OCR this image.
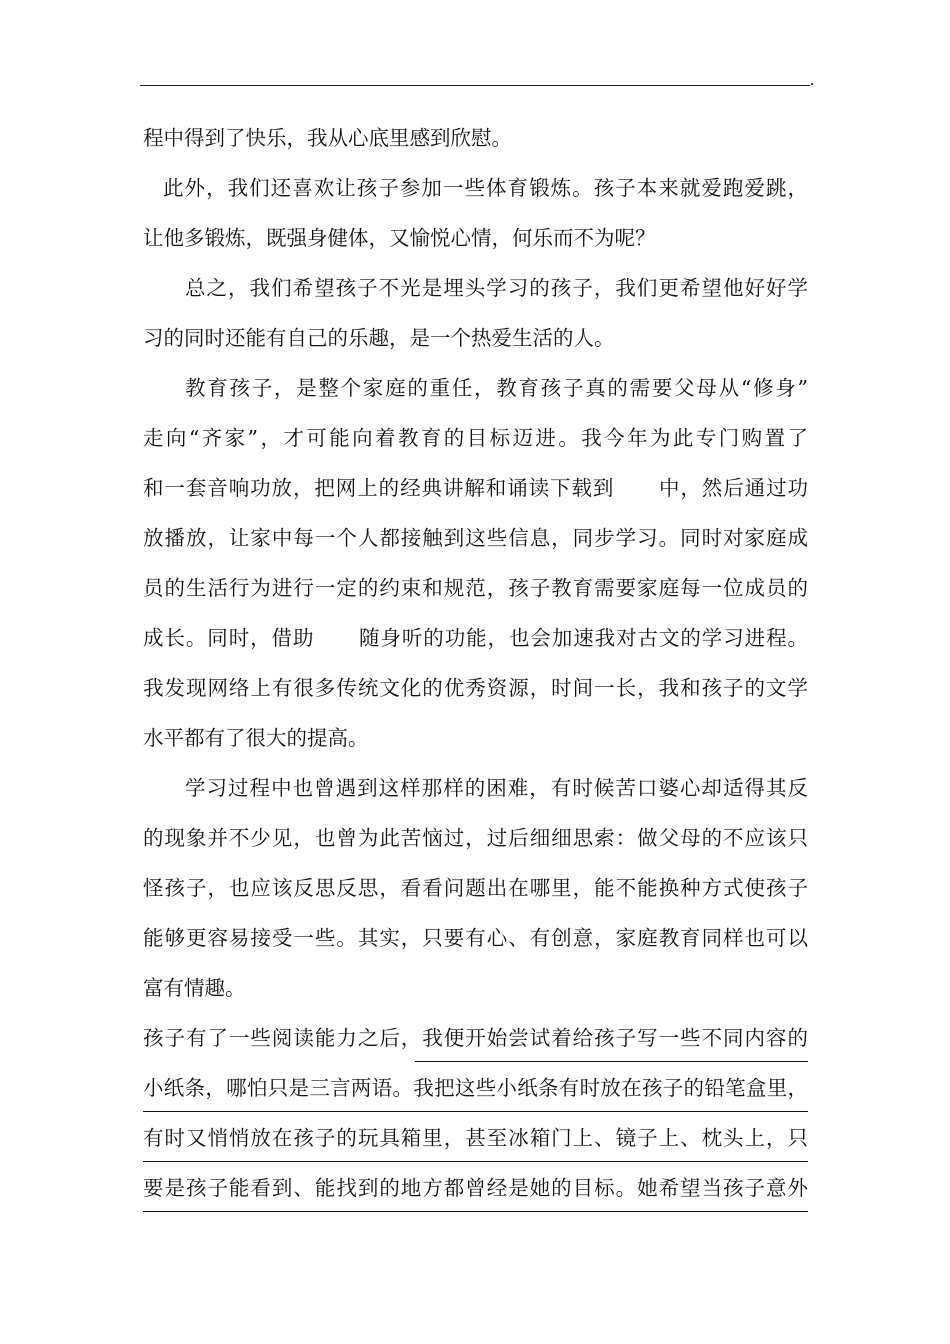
程中得到了快乐，我从心底里感到欣慰。
此外，我们还喜欢让孩子参加一些体育锻炼。孩子本来就爱跑爱跳，
让他多锻炼，既强身健体，又愉悦心情，何乐而不为呢？
总之，我们希望孩子不光是埋头学习的孩子，我们更希望他好好学
习的同时还能有自己的乐趣，是一个热爱生活的人。
教育孩子，是整个家庭的重任，教育孩子真的需要父母从“修身”
走向“齐家”，才可能向着教育的目标迈进。我今年为此专门购置了
和一套音响功放，把网上的经典讲解和诵读下载到      中，然后通过功
放播放，让家中每一个人都接触到这些信息，同步学习。同时对家庭成
员的生活行为进行一定的约束和规范，孩子教育需要家庭每一位成员的
成长。同时，借助      随身听的功能，也会加速我对古文的学习进程。
我发现网络上有很多传统文化的优秀资源，时间一长，我和孩子的文学
水平都有了很大的提高。
学习过程中也曾遇到这样那样的困难，有时候苦口婆心却适得其反
的现象并不少见，也曾为此苦恼过，过后细细思索：做父母的不应该只
怪孩子，也应该反思反思，看看问题出在哪里，能不能换种方式使孩子
能够更容易接受一些。其实，只要有心、有创意，家庭教育同样也可以
富有情趣。
孩子有了一些阅读能力之后，我便开始尝试着给孩子写一些不同内容的
小纸条，哪怕只是三言两语。我把这些小纸条有时放在孩子的铅笔盒里，
有时又悄悄放在孩子的玩具箱里，甚至冰箱门上、镜子上、枕头上，只
要是孩子能看到、能找到的地方都曾经是她的目标。她希望当孩子意外
